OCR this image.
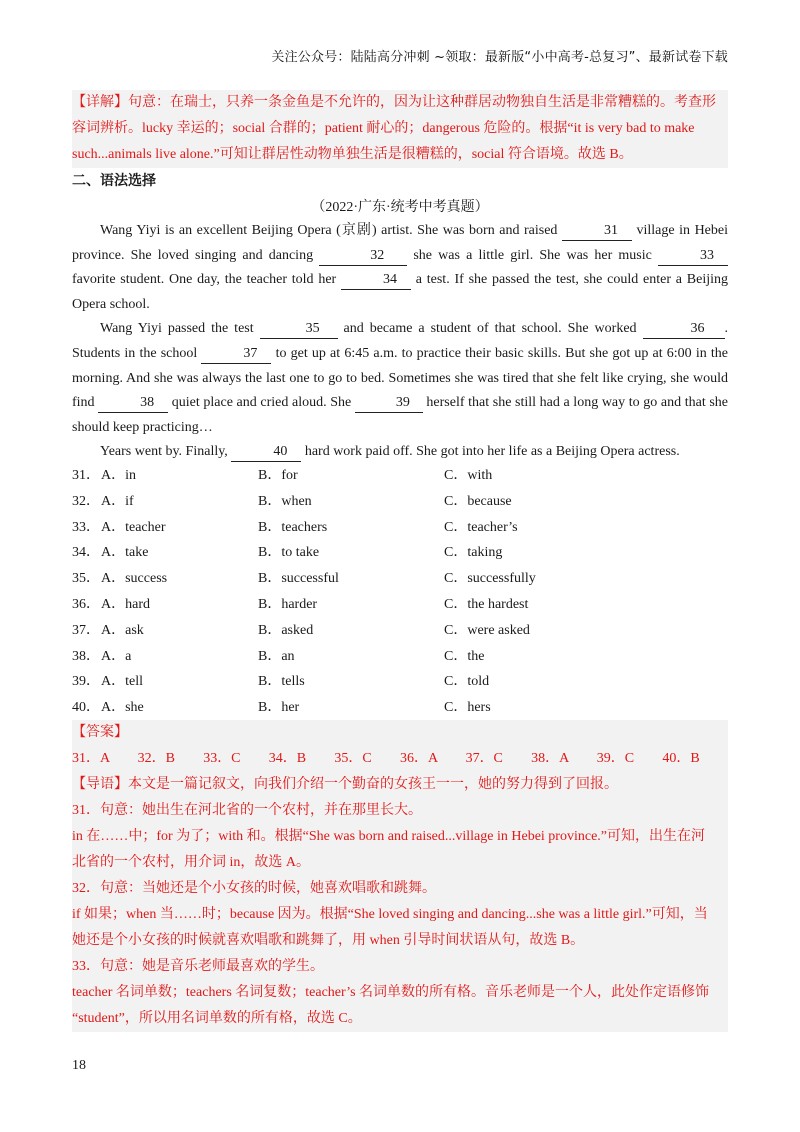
关注公众号：陆陆高分冲刺 ~领取：最新版“小中高考-总复习”、最新试卷下载
【详解】句意：在瑞士，只养一条金鱼是不允许的，因为让这种群居动物独自生活是非常糟糕的。考查形
容词辨析。lucky 幸运的；social 合群的；patient 耐心的；dangerous 危险的。根据“it is very bad to make
such...animals live alone.”可知让群居性动物单独生活是很糟糕的，social 符合语境。故选 B。
二、语法选择
（2022·广东·统考中考真题）

Wang Yiyi is an excellent Beijing Opera (京剧) artist. She was born and raised	31 village in Hebei province. She loved singing and dancing	32 she was a little girl. She was her music	33 favorite student. One day, the teacher told her	34 a test. If she passed the test, she could enter a Beijing Opera school.

Wang Yiyi passed the test	35 and became a student of that school. She worked	36 . Students in the school	37 to get up at 6:45 a.m. to practice their basic skills. But she got up at 6:00 in the morning. And she was always the last one to go to bed. Sometimes she was tired that she felt like crying, she would find	38 quiet place and cried aloud. She	39 herself that she still had a long way to go and that she should keep practicing…

Years went by. Finally,	40 hard work paid off. She got into her life as a Beijing Opera actress.

31． A．in	B．for	C．with
32． A．if	B．when	C．because
33． A．teacher	B．teachers	C．teacher’s
34． A．take	B．to take	C．taking
35． A．success	B．successful	C．successfully
36． A．hard	B．harder	C．the hardest
37． A．ask	B．asked	C．were asked
38． A．a	B．an	C．the
39． A．tell	B．tells	C．told
40． A．she	B．her	C．hers
【答案】
31．A	32．B	33．C	34．B	35．C	36．A	37．C	38．A	39．C	40．B
【导语】本文是一篇记叙文，向我们介绍一个勤奋的女孩王一一，她的努力得到了回报。
31．句意：她出生在河北省的一个农村，并在那里长大。
in 在……中；for 为了；with 和。根据“She was born and raised...village in Hebei province.”可知，出生在河
北省的一个农村，用介词 in，故选 A。
32．句意：当她还是个小女孩的时候，她喜欢唱歌和跳舞。
if 如果；when 当……时；because 因为。根据“She loved singing and dancing...she was a little girl.”可知，当
她还是个小女孩的时候就喜欢唱歌和跳舞了，用 when 引导时间状语从句，故选 B。
33．句意：她是音乐老师最喜欢的学生。
teacher 名词单数；teachers 名词复数；teacher’s 名词单数的所有格。音乐老师是一个人，此处作定语修饰
“student”，所以用名词单数的所有格，故选 C。
18
